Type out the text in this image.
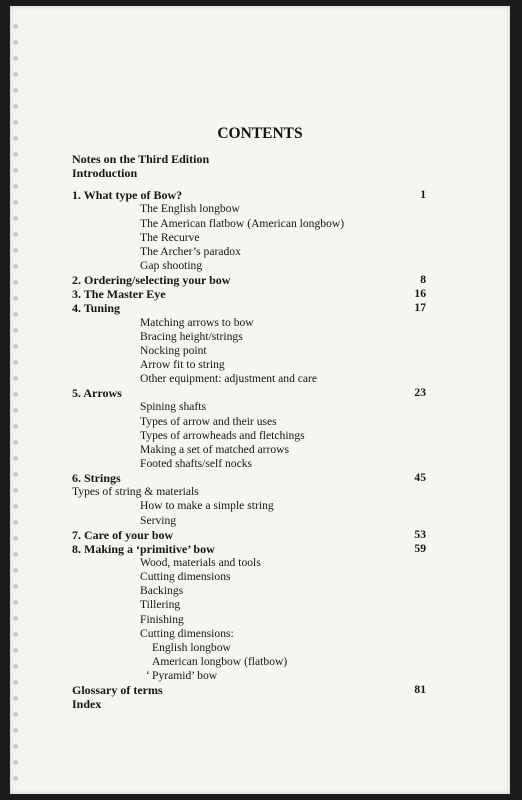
CONTENTS
Notes on the Third Edition
Introduction
1. What type of Bow?	1
The English longbow
The American flatbow (American longbow)
The Recurve
The Archer’s paradox
Gap shooting
2. Ordering/selecting your bow	8
3. The Master Eye	16
4. Tuning	17
Matching arrows to bow
Bracing height/strings
Nocking point
Arrow fit to string
Other equipment: adjustment and care
5. Arrows	23
Spining shafts
Types of arrow and their uses
Types of arrowheads and fletchings
Making a set of matched arrows
Footed shafts/self nocks
6. Strings	45
Types of string & materials
How to make a simple string
Serving
7. Care of your bow	53
8. Making a ‘primitive’ bow	59
Wood, materials and tools
Cutting dimensions
Backings
Tillering
Finishing
Cutting dimensions:
English longbow
American longbow (flatbow)
Pyramid’ bow
‘
Glossary of terms	81
Index
